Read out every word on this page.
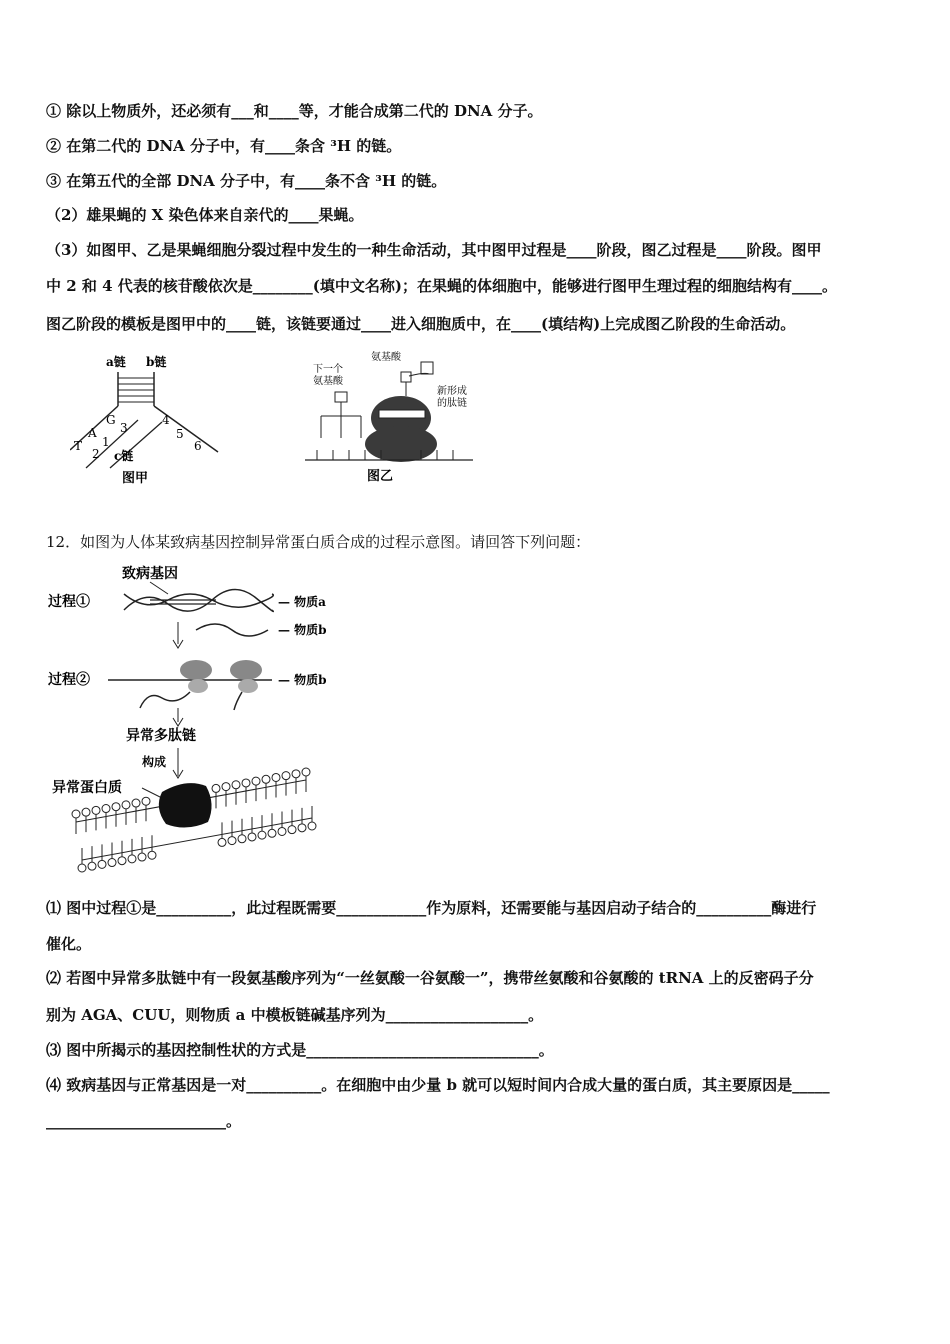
① 除以上物质外，还必须有___和____等，才能合成第二代的 DNA 分子。
② 在第二代的 DNA 分子中，有____条含 ³H 的链。
③ 在第五代的全部 DNA 分子中，有____条不含 ³H 的链。
（2）雄果蝇的 X 染色体来自亲代的____果蝇。
（3）如图甲、乙是果蝇细胞分裂过程中发生的一种生命活动，其中图甲过程是____阶段，图乙过程是____阶段。图甲
中 2 和 4 代表的核苷酸依次是________(填中文名称)；在果蝇的体细胞中，能够进行图甲生理过程的细胞结构有____。
图乙阶段的模板是图甲中的____链，该链要通过____进入细胞质中，在____(填结构)上完成图乙阶段的生命活动。
a链 b链
G
A
T
3
1
2
4
5
6
c链
图甲
下一个
氨基酸
氨基酸
新形成
的肽链
图乙
12．如图为人体某致病基因控制异常蛋白质合成的过程示意图。请回答下列问题：
致病基因
过程①	— 物质a
— 物质b
过程②	— 物质b
异常多肽链
构成
异常蛋白质
⑴ 图中过程①是__________，此过程既需要____________作为原料，还需要能与基因启动子结合的__________酶进行
催化。
⑵ 若图中异常多肽链中有一段氨基酸序列为“一丝氨酸一谷氨酸一”，携带丝氨酸和谷氨酸的 tRNA 上的反密码子分
别为 AGA、CUU，则物质 a 中模板链碱基序列为___________________。
⑶ 图中所揭示的基因控制性状的方式是_______________________________。
⑷ 致病基因与正常基因是一对__________。在细胞中由少量 b 就可以短时间内合成大量的蛋白质，其主要原因是_____
________________________。
